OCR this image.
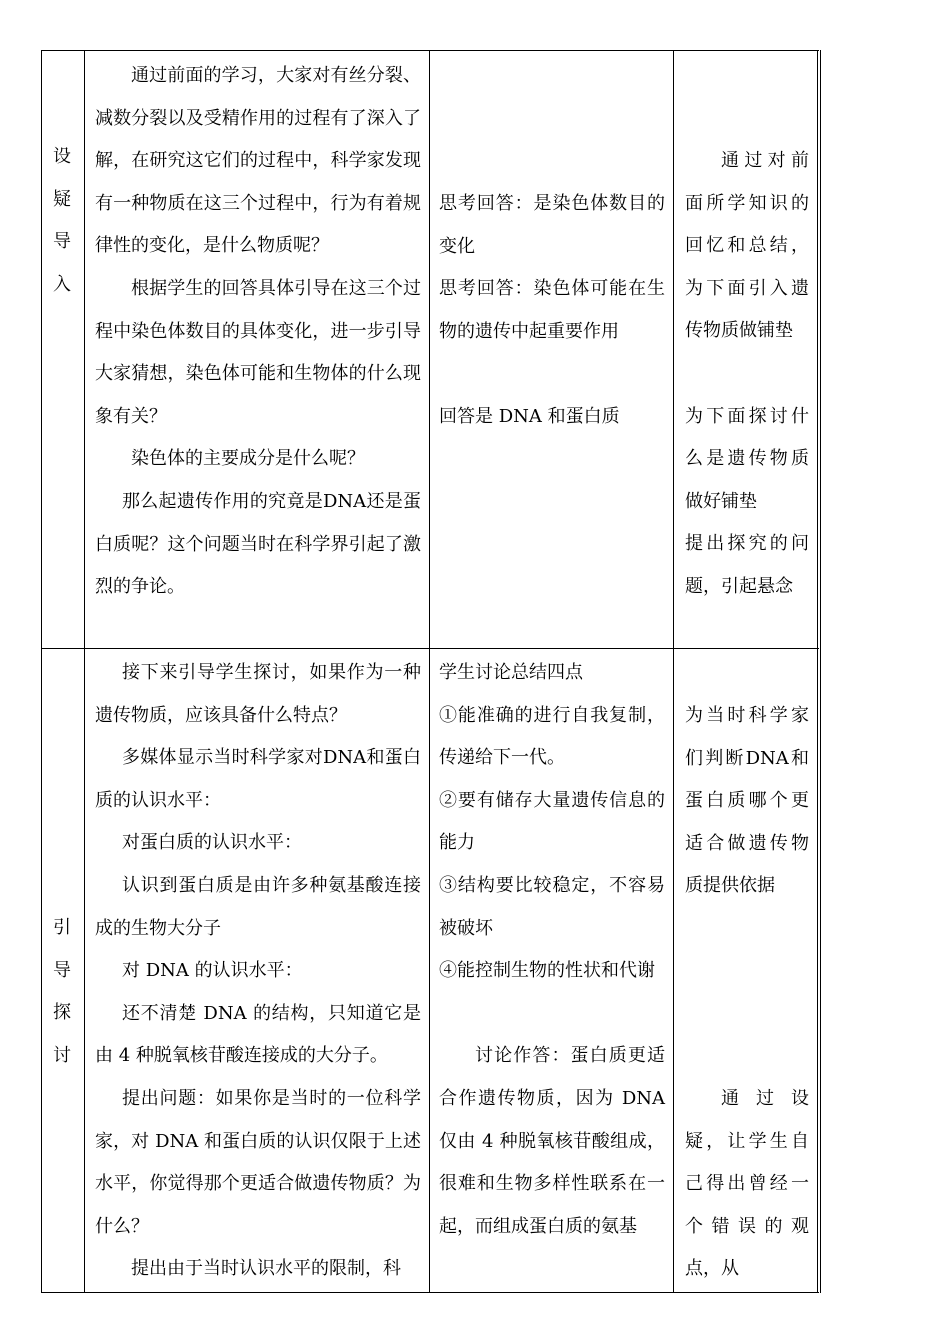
设
疑
导
入

通过前面的学习，大家对有丝分裂、减数分裂以及受精作用的过程有了深入了解，在研究这它们的过程中，科学家发现有一种物质在这三个过程中，行为有着规律性的变化，是什么物质呢？

根据学生的回答具体引导在这三个过程中染色体数目的具体变化，进一步引导大家猜想，染色体可能和生物体的什么现象有关？

染色体的主要成分是什么呢？

那么起遗传作用的究竟是DNA还是蛋白质呢？这个问题当时在科学界引起了激烈的争论。

思考回答：是染色体数目的变化

思考回答：染色体可能在生物的遗传中起重要作用

回答是 DNA 和蛋白质

通过对前面所学知识的回忆和总结，为下面引入遗传物质做铺垫

为下面探讨什么是遗传物质做好铺垫

提出探究的问题，引起悬念

引
导
探
讨

接下来引导学生探讨，如果作为一种遗传物质，应该具备什么特点？

多媒体显示当时科学家对DNA和蛋白质的认识水平：

对蛋白质的认识水平：

认识到蛋白质是由许多种氨基酸连接成的生物大分子

对 DNA 的认识水平：

还不清楚 DNA 的结构，只知道它是由 4 种脱氧核苷酸连接成的大分子。

提出问题：如果你是当时的一位科学家，对 DNA 和蛋白质的认识仅限于上述水平，你觉得那个更适合做遗传物质？为什么？

提出由于当时认识水平的限制，科

学生讨论总结四点

①能准确的进行自我复制，传递给下一代。

②要有储存大量遗传信息的能力

③结构要比较稳定，不容易被破坏

④能控制生物的性状和代谢

讨论作答：蛋白质更适合作遗传物质，因为 DNA 仅由 4 种脱氧核苷酸组成，很难和生物多样性联系在一起，而组成蛋白质的氨基

为当时科学家们判断DNA和蛋白质哪个更适合做遗传物质提供依据

通过设疑，让学生自己得出曾经一个错误的观点，从
